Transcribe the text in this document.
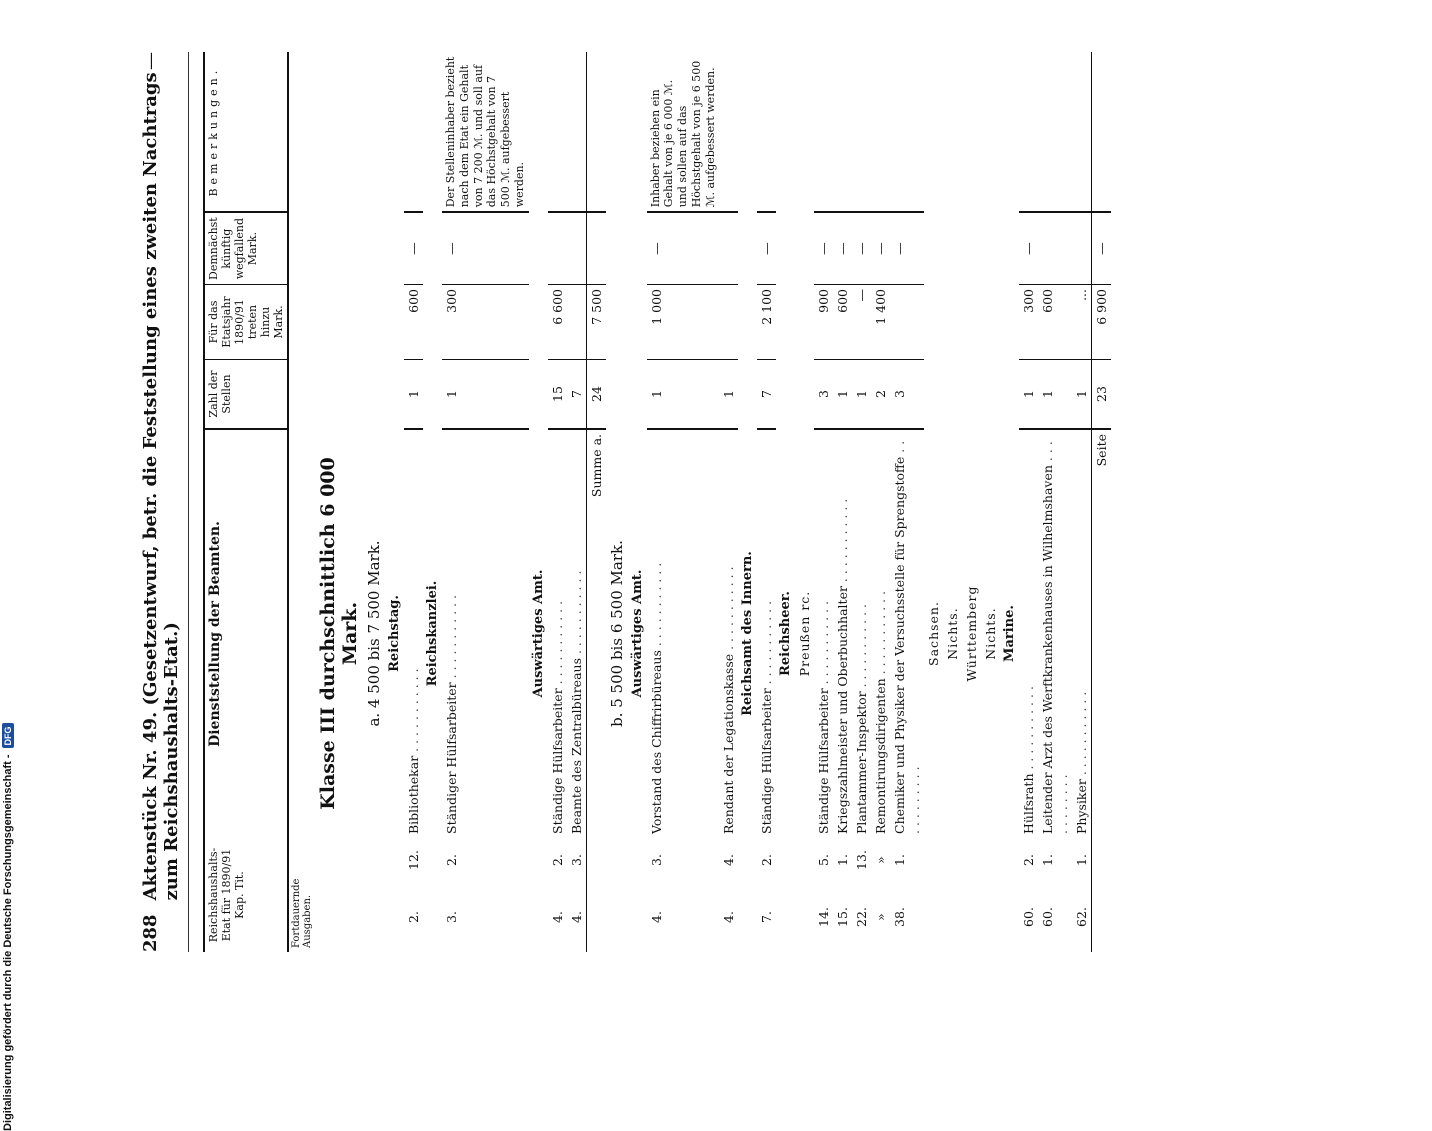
Digitalisierung gefördert durch die Deutsche Forschungsgemeinschaft -
DFG
288
Aktenstück Nr. 49. (Gesetzentwurf, betr. die Feststellung eines zweiten Nachtrags zum Reichshaushalts-Etat.)
—
Reichshaushalts-Etat für 1890/91 Kap. Tit.		Dienststellung der Beamten.	Zahl der Stellen	Für das Etatsjahr 1890/91 treten hinzu Mark.	Demnächst künftig wegfallend Mark.	Bemerkungen.
Fortdauernde Ausgaben.						
		Klasse III durchschnittlich 6 000 Mark.				
		a. 4 500 bis 7 500 Mark.				
		Reichstag.				
2.	12.	Bibliothekar . . .	1	600	—	
		Reichskanzlei.				
3.	2.	Ständiger Hülfsarbeiter . . .	1	300	—	Der Stelleninhaber bezieht nach dem Etat ein Gehalt von 7 200 ℳ. und soll auf das Höchstgehalt von 7 500 ℳ. aufgebessert werden.
		Auswärtiges Amt.				
4.	2.	Ständige Hülfsarbeiter . . .	15	6 600		
4.	3.	Beamte des Zentralbüreaus . . .	7			
		Summe a.	24	7 500		
		b. 5 500 bis 6 500 Mark.				
		Auswärtiges Amt.				
4.	3.	Vorstand des Chiffrirbüreaus . . .	1	1 000	—	Inhaber beziehen ein Gehalt von je 6 000 ℳ. und sollen auf das Höchstgehalt von je 6 500 ℳ. aufgebessert werden.
4.	4.	Rendant der Legationskasse . . .	1			
		Reichsamt des Innern.				
7.	2.	Ständige Hülfsarbeiter . . .	7	2 100	—	
		Reichsheer.				
		Preußen rc.				
14.	5.	Ständige Hülfsarbeiter . . .	3	900	—	
15.	1.	Kriegszahlmeister und Oberbuchhalter . . .	1	600	—	
22.	13.	Plantammer-Inspektor . . .	1	—	—	
»	»	Remontirungsdirigenten . . .	2	1 400	—	
38.	1.	Chemiker und Physiker der Versuchsstelle für Sprengstoffe . . .	3		—	
		Sachsen.				
		Nichts.				
		Württemberg				
		Nichts.				
		Marine.				
60.	2.	Hülfsrath . . .	1	300	—	
60.	1.	Leitender Arzt des Werftkrankenhauses in Wilhelmshaven . . .	1	600		
62.	1.	Physiker . . .	1	...		
		Seite	23	6 900	—	
